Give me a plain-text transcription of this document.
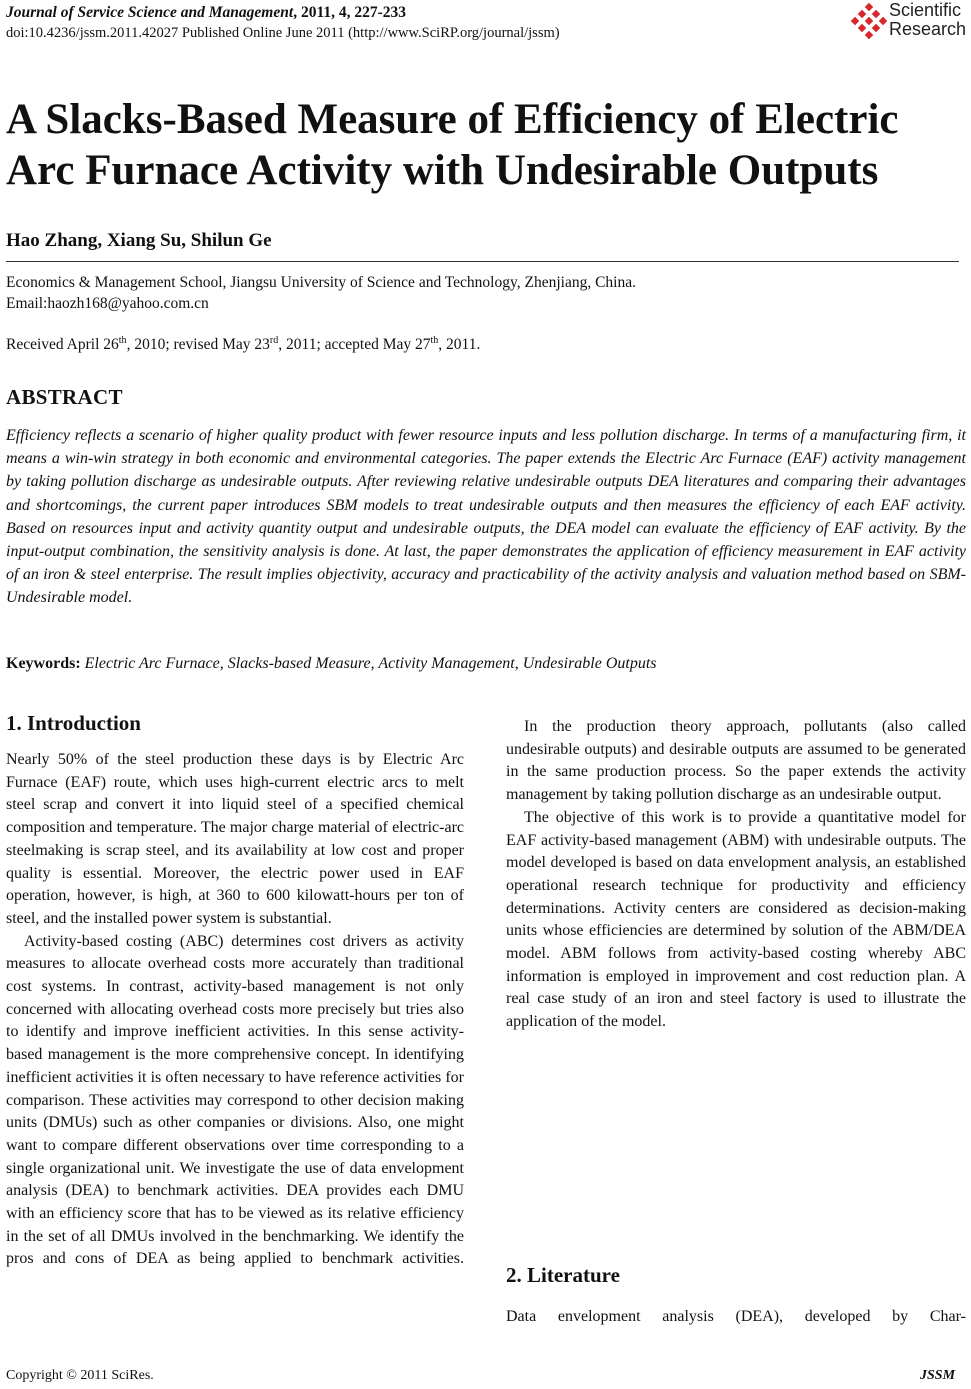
Journal of Service Science and Management, 2011, 4, 227-233
doi:10.4236/jssm.2011.42027 Published Online June 2011 (http://www.SciRP.org/journal/jssm)
Scientific
Research
A Slacks-Based Measure of Efficiency of Electric Arc Furnace Activity with Undesirable Outputs
Hao Zhang, Xiang Su, Shilun Ge
Economics & Management School, Jiangsu University of Science and Technology, Zhenjiang, China.
Email:haozh168@yahoo.com.cn
Received April 26th, 2010; revised May 23rd, 2011; accepted May 27th, 2011.
ABSTRACT
Efficiency reflects a scenario of higher quality product with fewer resource inputs and less pollution discharge. In terms of a manufacturing firm, it means a win-win strategy in both economic and environmental categories. The paper extends the Electric Arc Furnace (EAF) activity management by taking pollution discharge as undesirable outputs. After reviewing relative undesirable outputs DEA literatures and comparing their advantages and shortcomings, the current paper introduces SBM models to treat undesirable outputs and then measures the efficiency of each EAF activity. Based on resources input and activity quantity output and undesirable outputs, the DEA model can evaluate the efficiency of EAF activity. By the input-output combination, the sensitivity analysis is done. At last, the paper demonstrates the application of efficiency measurement in EAF activity of an iron & steel enterprise. The result implies objectivity, accuracy and practicability of the activity analysis and valuation method based on SBM-Undesirable model.
Keywords: Electric Arc Furnace, Slacks-based Measure, Activity Management, Undesirable Outputs
1. Introduction

Nearly 50% of the steel production these days is by Electric Arc Furnace (EAF) route, which uses high-current electric arcs to melt steel scrap and convert it into liquid steel of a specified chemical composition and temperature. The major charge material of electric-arc steelmaking is scrap steel, and its availability at low cost and proper quality is essential. Moreover, the electric power used in EAF operation, however, is high, at 360 to 600 kilowatt-hours per ton of steel, and the installed power system is substantial.

Activity-based costing (ABC) determines cost drivers as activity measures to allocate overhead costs more accurately than traditional cost systems. In contrast, activity-based management is not only concerned with allocating overhead costs more precisely but tries also to identify and improve inefficient activities. In this sense activity-based management is the more comprehensive concept. In identifying inefficient activities it is often necessary to have reference activities for comparison. These activities may correspond to other decision making units (DMUs) such as other companies or divisions. Also, one might want to compare different observations over time corresponding to a single organizational unit. We investigate the use of data envelopment analysis (DEA) to benchmark activities. DEA provides each DMU with an efficiency score that has to be viewed as its relative efficiency in the set of all DMUs involved in the benchmarking. We identify the pros and cons of DEA as being applied to benchmark activities.

In the production theory approach, pollutants (also called undesirable outputs) and desirable outputs are assumed to be generated in the same production process. So the paper extends the activity management by taking pollution discharge as an undesirable output.

The objective of this work is to provide a quantitative model for EAF activity-based management (ABM) with undesirable outputs. The model developed is based on data envelopment analysis, an established operational research technique for productivity and efficiency determinations. Activity centers are considered as decision-making units whose efficiencies are determined by solution of the ABM/DEA model. ABM follows from activity-based costing whereby ABC information is employed in improvement and cost reduction plan. A real case study of an iron and steel factory is used to illustrate the application of the model.

2. Literature
Data envelopment analysis (DEA), developed by Char-
Copyright © 2011 SciRes.	JSSM
